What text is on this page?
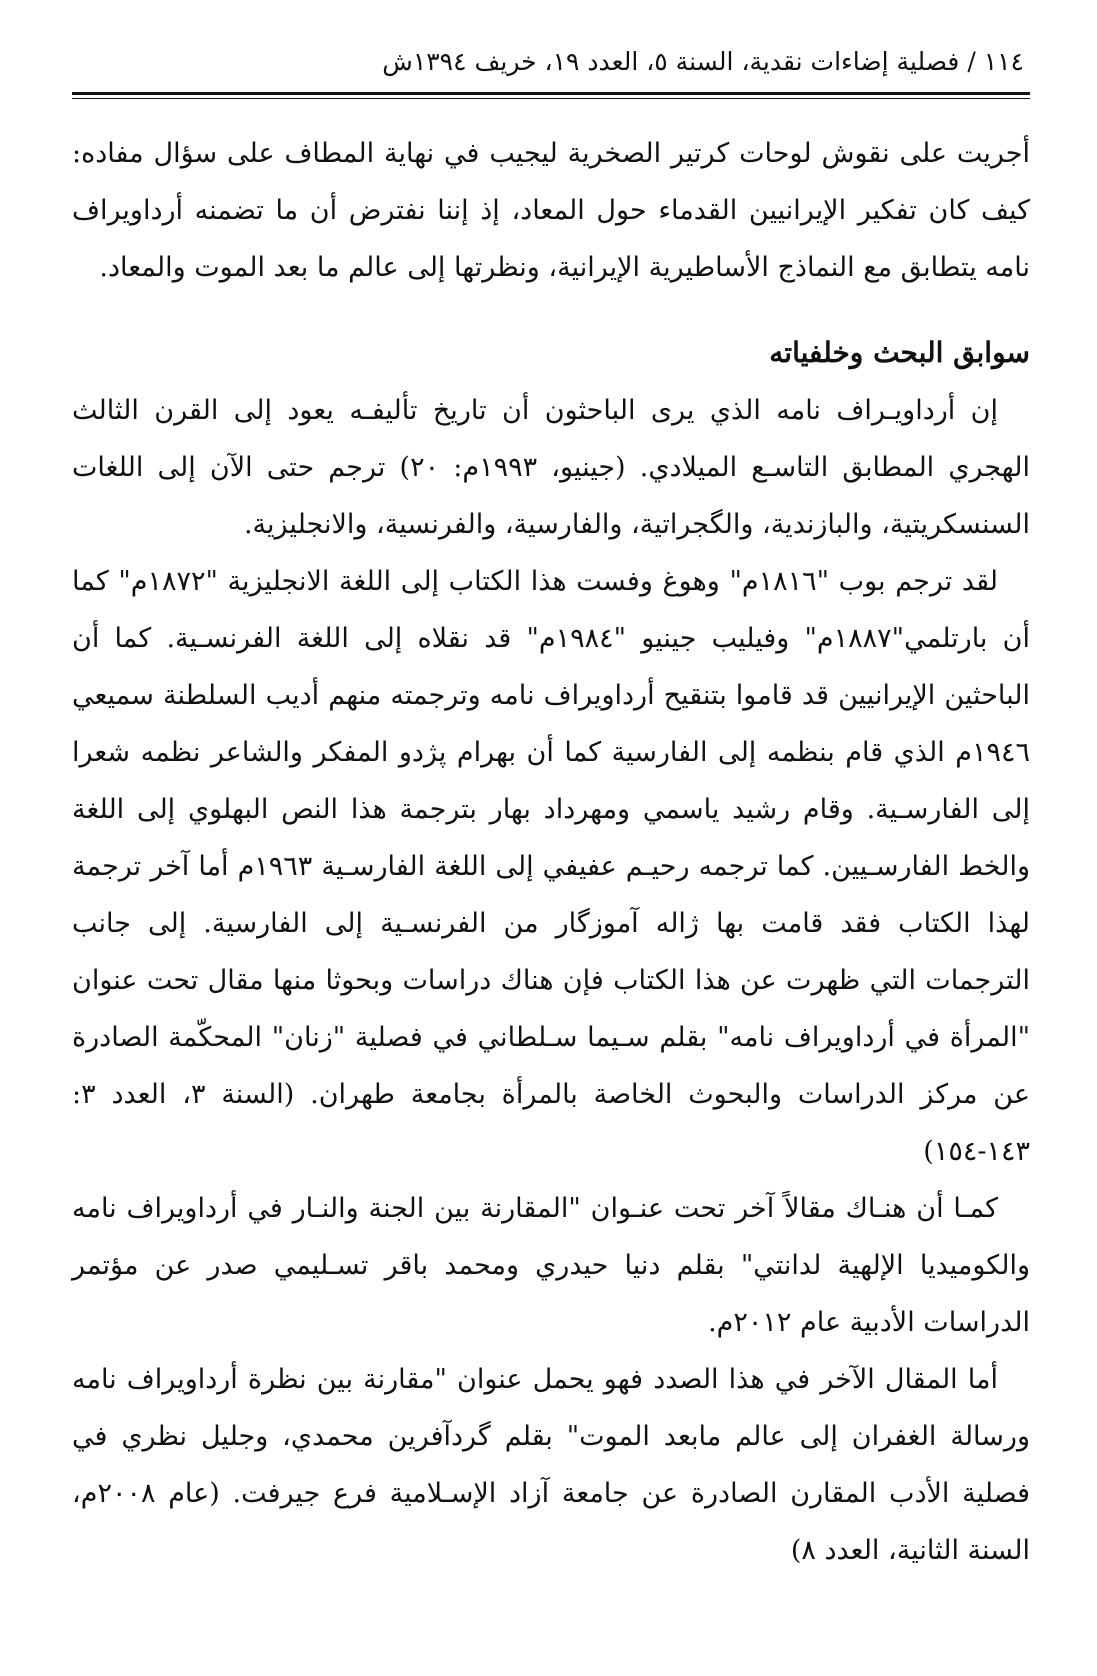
١١٤ / فصلية إضاءات نقدية، السنة ٥، العدد ١٩، خريف ١٣٩٤ش

أجريت على نقوش لوحات كرتير الصخرية ليجيب في نهاية المطاف على سؤال مفاده: كيف كان تفكير الإيرانيين القدماء حول المعاد، إذ إننا نفترض أن ما تضمنه أرداويراف نامه يتطابق مع النماذج الأساطيرية الإيرانية، ونظرتها إلى عالم ما بعد الموت والمعاد.

سوابق البحث وخلفياته

إن أرداويـراف نامه الذي يرى الباحثون أن تاريخ تأليفـه يعود إلى القرن الثالث الهجري المطابق التاسـع الميلادي. (جينيو، ١٩٩٣م: ٢٠) ترجم حتى الآن إلى اللغات السنسكريتية، والبازندية، والگجراتية، والفارسية، والفرنسية، والانجليزية.

لقد ترجم بوب "١٨١٦م" وهوغ وفست هذا الكتاب إلى اللغة الانجليزية "١٨٧٢م" كما أن بارتلمي"١٨٨٧م" وفيليب جينيو "١٩٨٤م" قد نقلاه إلى اللغة الفرنسـية. كما أن الباحثين الإيرانيين قد قاموا بتنقيح أرداويراف نامه وترجمته منهم أديب السلطنة سميعي ١٩٤٦م الذي قام بنظمه إلى الفارسية كما أن بهرام پژدو المفكر والشاعر نظمه شعرا إلى الفارسـية. وقام رشيد ياسمي ومهرداد بهار بترجمة هذا النص البهلوي إلى اللغة والخط الفارسـيين. كما ترجمه رحيـم عفيفي إلى اللغة الفارسـية ١٩٦٣م أما آخر ترجمة لهذا الكتاب فقد قامت بها ژاله آموزگار من الفرنسـية إلى الفارسية. إلى جانب الترجمات التي ظهرت عن هذا الكتاب فإن هناك دراسات وبحوثا منها مقال تحت عنوان "المرأة في أرداويراف نامه" بقلم سـيما سـلطاني في فصلية "زنان" المحكّمة الصادرة عن مركز الدراسات والبحوث الخاصة بالمرأة بجامعة طهران. (السنة ٣، العدد ٣: ١٤٣-١٥٤)

كمـا أن هنـاك مقالاً آخر تحت عنـوان "المقارنة بين الجنة والنـار في أرداويراف نامه والكوميديا الإلهية لدانتي" بقلم دنيا حيدري ومحمد باقر تسـليمي صدر عن مؤتمر الدراسات الأدبية عام ٢٠١٢م.

أما المقال الآخر في هذا الصدد فهو يحمل عنوان "مقارنة بين نظرة أرداويراف نامه ورسالة الغفران إلى عالم مابعد الموت" بقلم گردآفرين محمدي، وجليل نظري في فصلية الأدب المقارن الصادرة عن جامعة آزاد الإسـلامية فرع جيرفت. (عام ٢٠٠٨م، السنة الثانية، العدد ٨)
